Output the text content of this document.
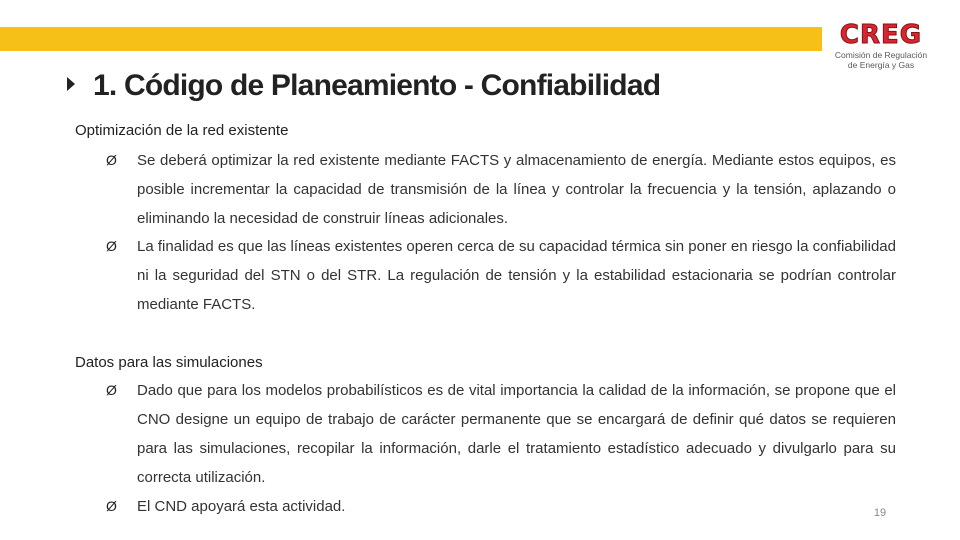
CREG
Comisión de Regulación
de Energía y Gas
1. Código de Planeamiento - Confiabilidad

Optimización de la red existente

Ø Se deberá optimizar la red existente mediante FACTS y almacenamiento de energía. Mediante estos equipos, es posible incrementar la capacidad de transmisión de la línea y controlar la frecuencia y la tensión, aplazando o eliminando la necesidad de construir líneas adicionales.

Ø La finalidad es que las líneas existentes operen cerca de su capacidad térmica sin poner en riesgo la confiabilidad ni la seguridad del STN o del STR. La regulación de tensión y la estabilidad estacionaria se podrían controlar mediante FACTS.

Datos para las simulaciones

Ø Dado que para los modelos probabilísticos es de vital importancia la calidad de la información, se propone que el CNO designe un equipo de trabajo de carácter permanente que se encargará de definir qué datos se requieren para las simulaciones, recopilar la información, darle el tratamiento estadístico adecuado y divulgarlo para su correcta utilización.

Ø El CND apoyará esta actividad.	19
